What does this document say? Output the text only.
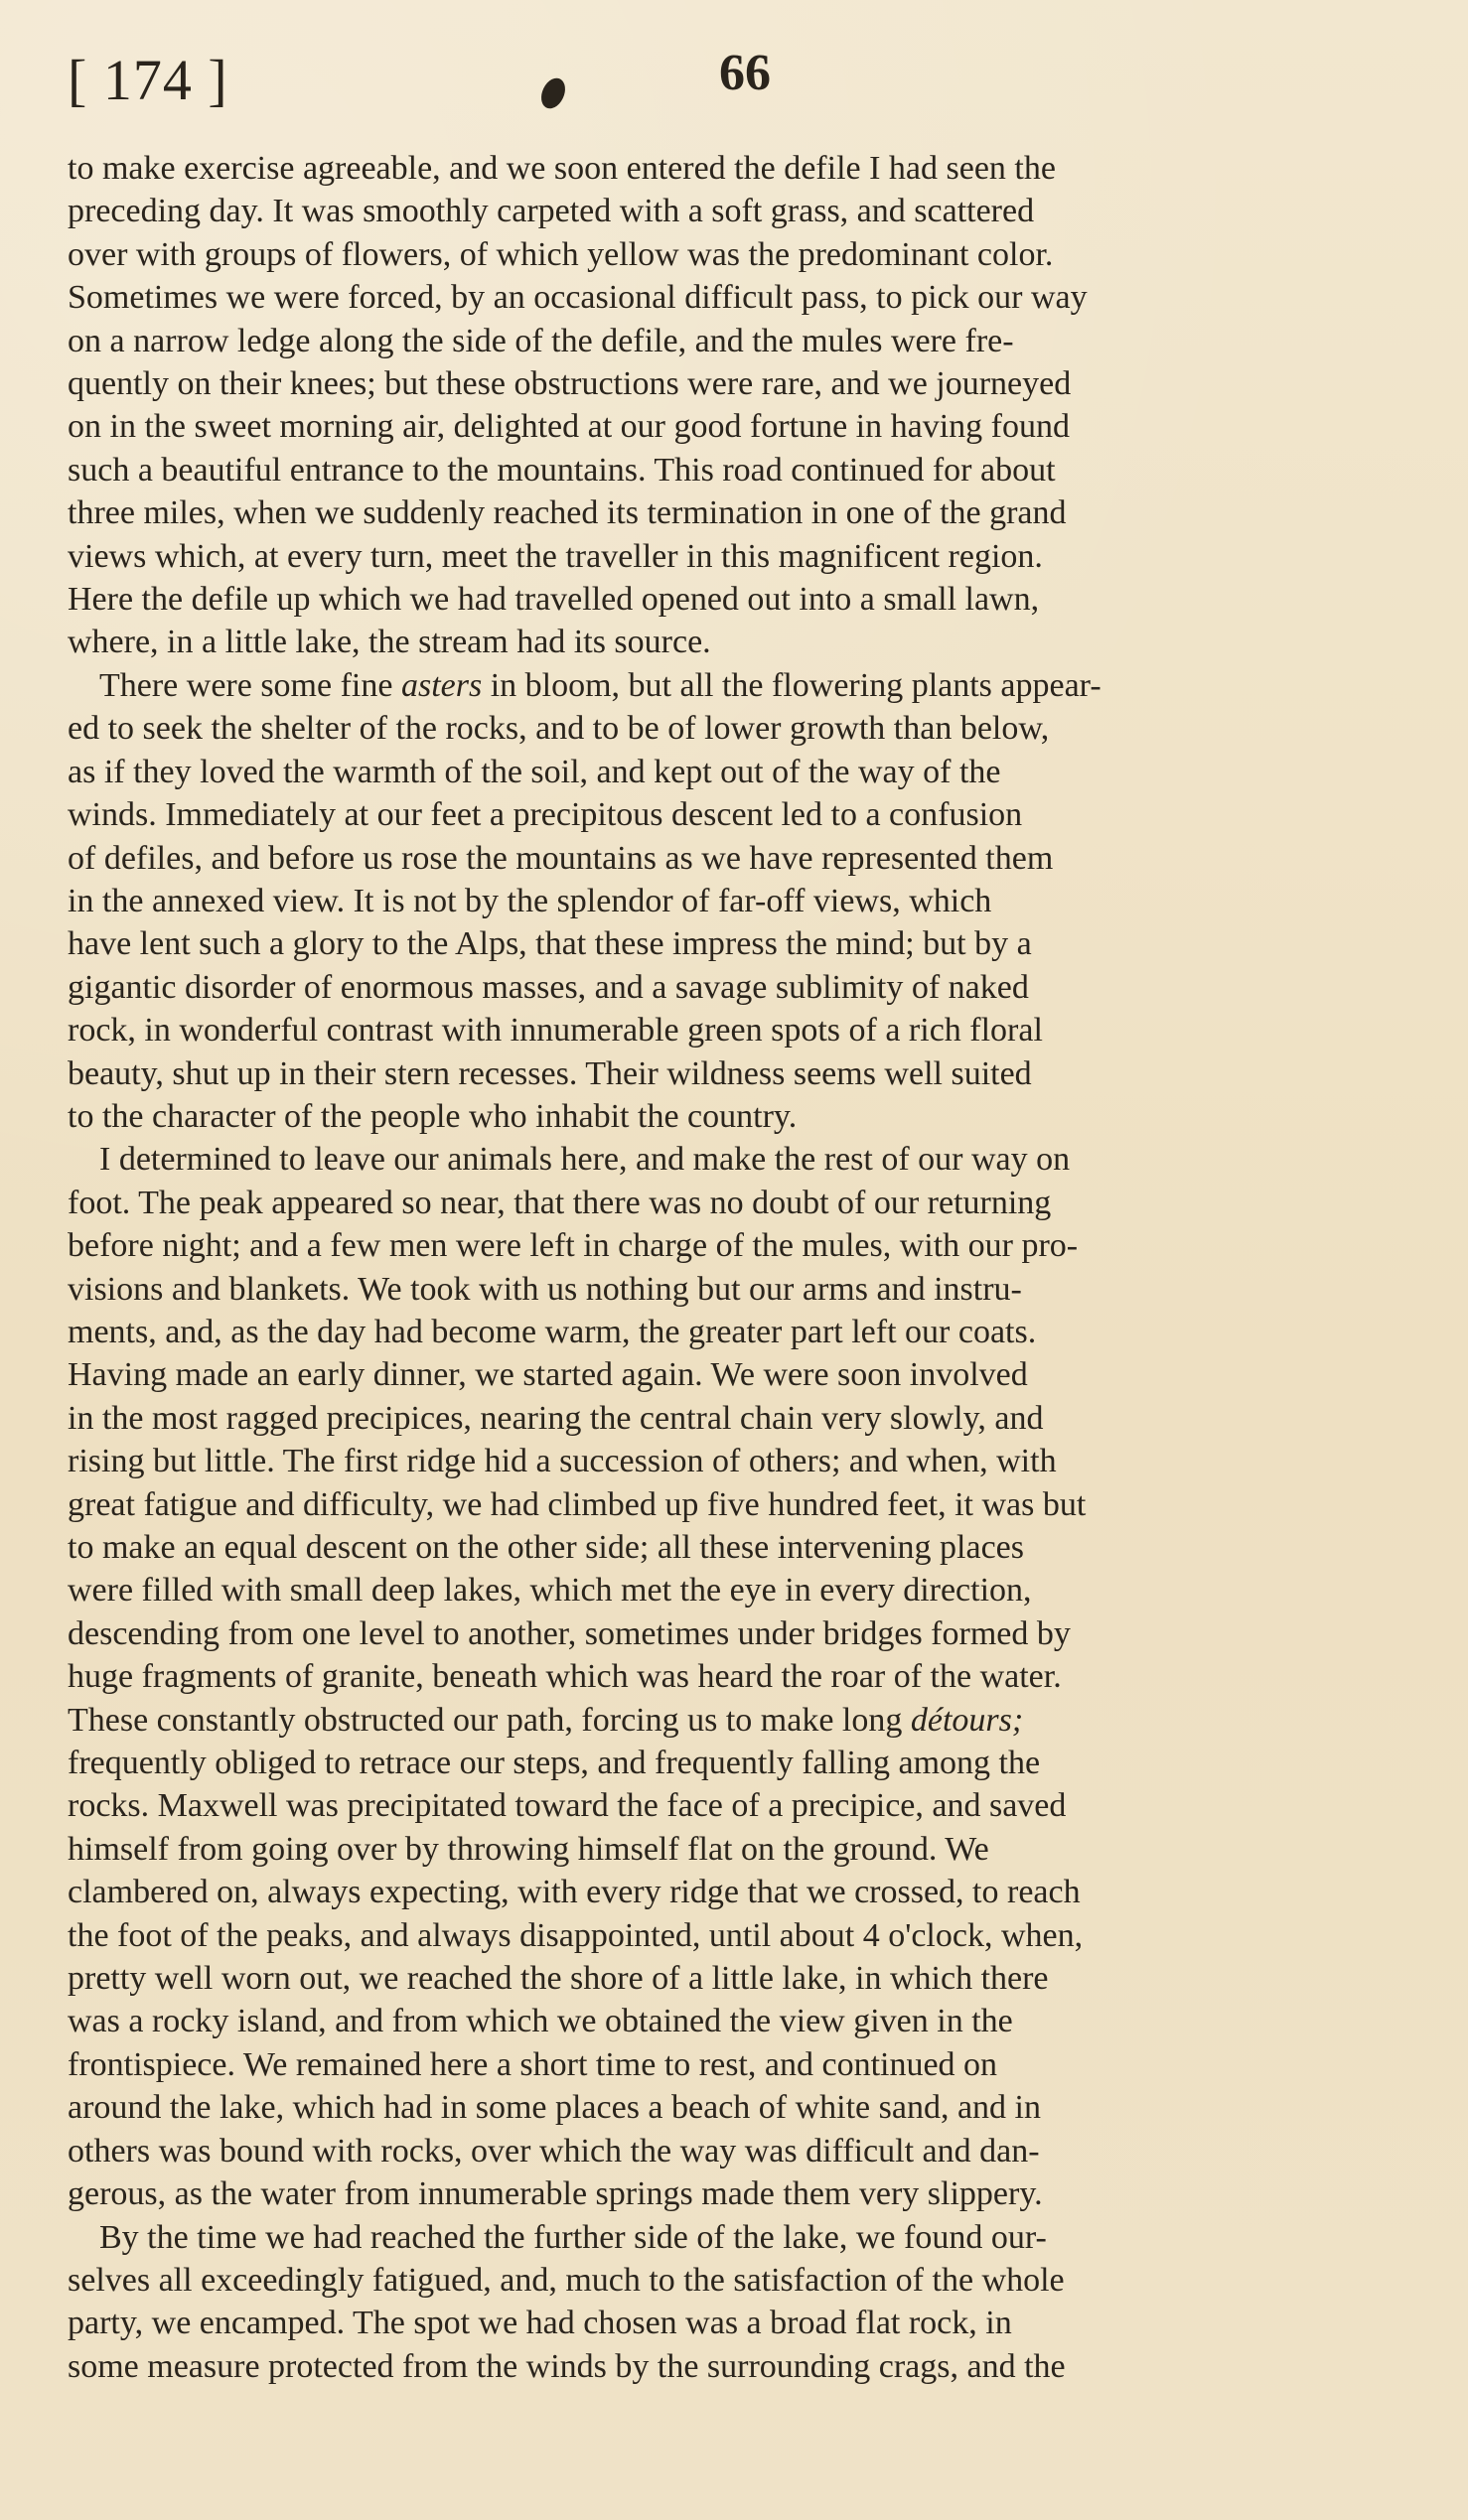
[ 174 ]	66

to make exercise agreeable, and we soon entered the defile I had seen the
preceding day. It was smoothly carpeted with a soft grass, and scattered
over with groups of flowers, of which yellow was the predominant color.
Sometimes we were forced, by an occasional difficult pass, to pick our way
on a narrow ledge along the side of the defile, and the mules were fre-
quently on their knees; but these obstructions were rare, and we journeyed
on in the sweet morning air, delighted at our good fortune in having found
such a beautiful entrance to the mountains. This road continued for about
three miles, when we suddenly reached its termination in one of the grand
views which, at every turn, meet the traveller in this magnificent region.
Here the defile up which we had travelled opened out into a small lawn,
where, in a little lake, the stream had its source.

There were some fine asters in bloom, but all the flowering plants appear-
ed to seek the shelter of the rocks, and to be of lower growth than below,
as if they loved the warmth of the soil, and kept out of the way of the
winds. Immediately at our feet a precipitous descent led to a confusion
of defiles, and before us rose the mountains as we have represented them
in the annexed view. It is not by the splendor of far-off views, which
have lent such a glory to the Alps, that these impress the mind; but by a
gigantic disorder of enormous masses, and a savage sublimity of naked
rock, in wonderful contrast with innumerable green spots of a rich floral
beauty, shut up in their stern recesses. Their wildness seems well suited
to the character of the people who inhabit the country.

I determined to leave our animals here, and make the rest of our way on
foot. The peak appeared so near, that there was no doubt of our returning
before night; and a few men were left in charge of the mules, with our pro-
visions and blankets. We took with us nothing but our arms and instru-
ments, and, as the day had become warm, the greater part left our coats.
Having made an early dinner, we started again. We were soon involved
in the most ragged precipices, nearing the central chain very slowly, and
rising but little. The first ridge hid a succession of others; and when, with
great fatigue and difficulty, we had climbed up five hundred feet, it was but
to make an equal descent on the other side; all these intervening places
were filled with small deep lakes, which met the eye in every direction,
descending from one level to another, sometimes under bridges formed by
huge fragments of granite, beneath which was heard the roar of the water.
These constantly obstructed our path, forcing us to make long détours;
frequently obliged to retrace our steps, and frequently falling among the
rocks. Maxwell was precipitated toward the face of a precipice, and saved
himself from going over by throwing himself flat on the ground. We
clambered on, always expecting, with every ridge that we crossed, to reach
the foot of the peaks, and always disappointed, until about 4 o'clock, when,
pretty well worn out, we reached the shore of a little lake, in which there
was a rocky island, and from which we obtained the view given in the
frontispiece. We remained here a short time to rest, and continued on
around the lake, which had in some places a beach of white sand, and in
others was bound with rocks, over which the way was difficult and dan-
gerous, as the water from innumerable springs made them very slippery.

By the time we had reached the further side of the lake, we found our-
selves all exceedingly fatigued, and, much to the satisfaction of the whole
party, we encamped. The spot we had chosen was a broad flat rock, in
some measure protected from the winds by the surrounding crags, and the
